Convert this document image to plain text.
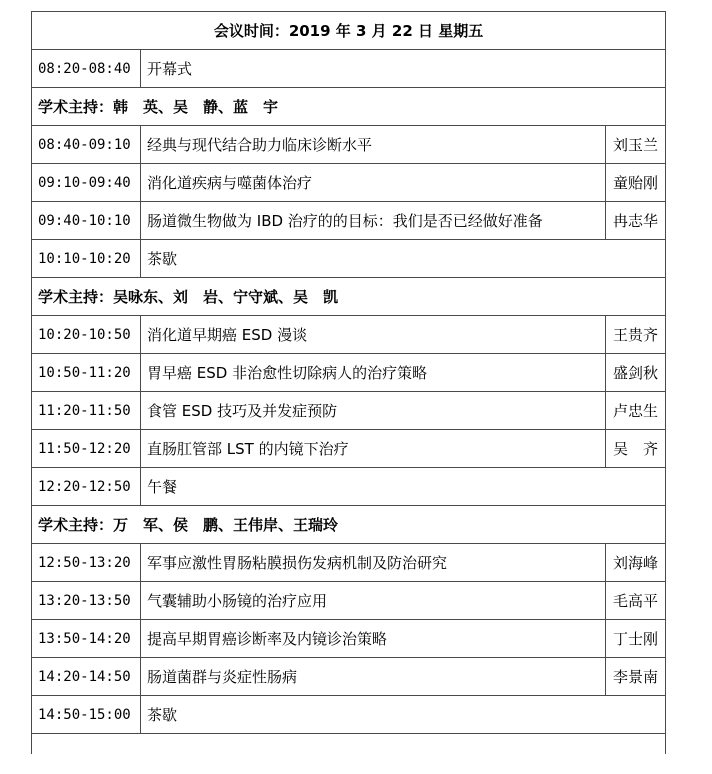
会议时间：2019 年 3 月 22 日 星期五		
08:20-08:40	开幕式	
学术主持：韩　英、吴　静、蓝　宇		
08:40-09:10	经典与现代结合助力临床诊断水平	刘玉兰
09:10-09:40	消化道疾病与噬菌体治疗	童贻刚
09:40-10:10	肠道微生物做为 IBD 治疗的的目标：我们是否已经做好准备	冉志华
10:10-10:20	茶歇	
学术主持：吴咏东、刘　岩、宁守斌、吴　凯		
10:20-10:50	消化道早期癌 ESD 漫谈	王贵齐
10:50-11:20	胃早癌 ESD 非治愈性切除病人的治疗策略	盛剑秋
11:20-11:50	食管 ESD 技巧及并发症预防	卢忠生
11:50-12:20	直肠肛管部 LST 的内镜下治疗	吴　齐
12:20-12:50	午餐	
学术主持：万　军、侯　鹏、王伟岸、王瑞玲		
12:50-13:20	军事应激性胃肠粘膜损伤发病机制及防治研究	刘海峰
13:20-13:50	气囊辅助小肠镜的治疗应用	毛高平
13:50-14:20	提高早期胃癌诊断率及内镜诊治策略	丁士刚
14:20-14:50	肠道菌群与炎症性肠病	李景南
14:50-15:00	茶歇	
